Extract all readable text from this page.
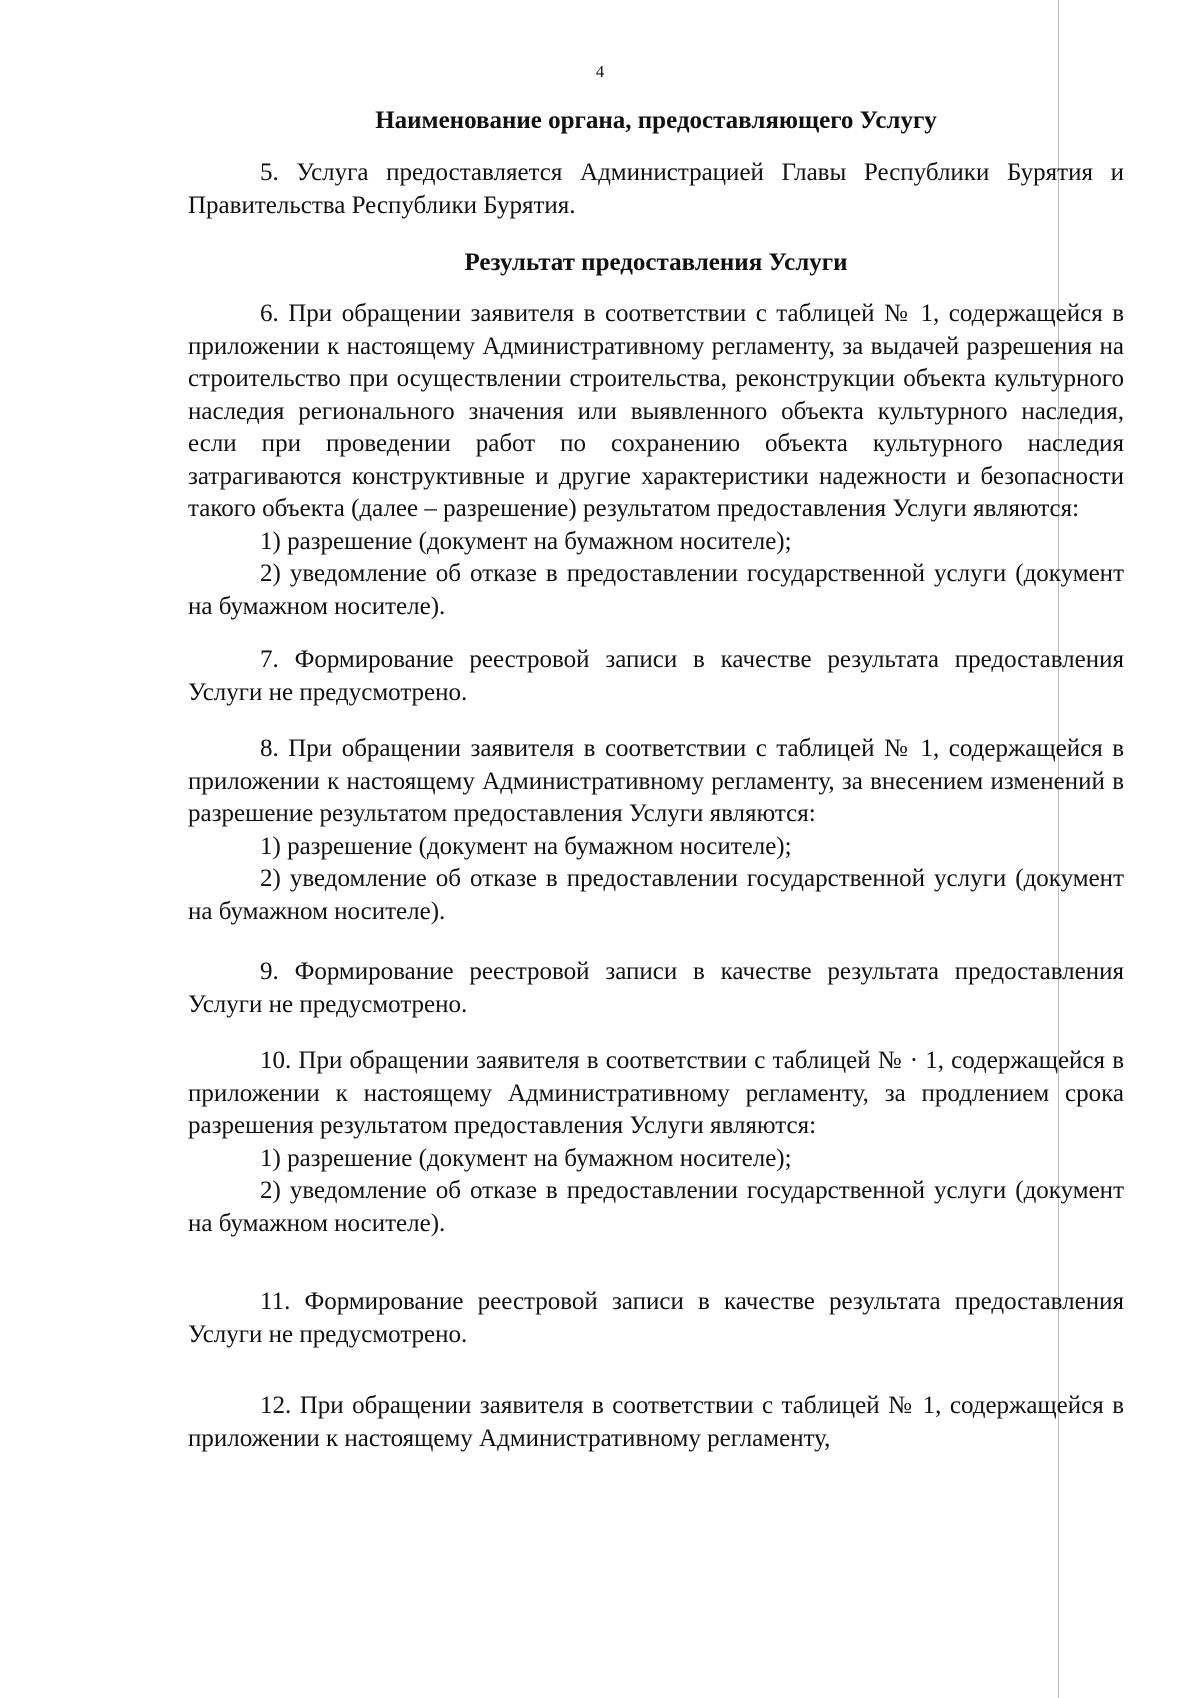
4
Наименование органа, предоставляющего Услугу
5. Услуга предоставляется Администрацией Главы Республики Бурятия и Правительства Республики Бурятия.
Результат предоставления Услуги
6. При обращении заявителя в соответствии с таблицей № 1, содержащейся в приложении к настоящему Административному регламенту, за выдачей разрешения на строительство при осуществлении строительства, реконструкции объекта культурного наследия регионального значения или выявленного объекта культурного наследия, если при проведении работ по сохранению объекта культурного наследия затрагиваются конструктивные и другие характеристики надежности и безопасности такого объекта (далее – разрешение) результатом предоставления Услуги являются:
1) разрешение (документ на бумажном носителе);
2) уведомление об отказе в предоставлении государственной услуги (документ на бумажном носителе).
7. Формирование реестровой записи в качестве результата предоставления Услуги не предусмотрено.
8. При обращении заявителя в соответствии с таблицей № 1, содержащейся в приложении к настоящему Административному регламенту, за внесением изменений в разрешение результатом предоставления Услуги являются:
1) разрешение (документ на бумажном носителе);
2) уведомление об отказе в предоставлении государственной услуги (документ на бумажном носителе).
9. Формирование реестровой записи в качестве результата предоставления Услуги не предусмотрено.
10. При обращении заявителя в соответствии с таблицей № · 1, содержащейся в приложении к настоящему Административному регламенту, за продлением срока разрешения результатом предоставления Услуги являются:
1) разрешение (документ на бумажном носителе);
2) уведомление об отказе в предоставлении государственной услуги (документ на бумажном носителе).
11. Формирование реестровой записи в качестве результата предоставления Услуги не предусмотрено.
12. При обращении заявителя в соответствии с таблицей № 1, содержащейся в приложении к настоящему Административному регламенту,
